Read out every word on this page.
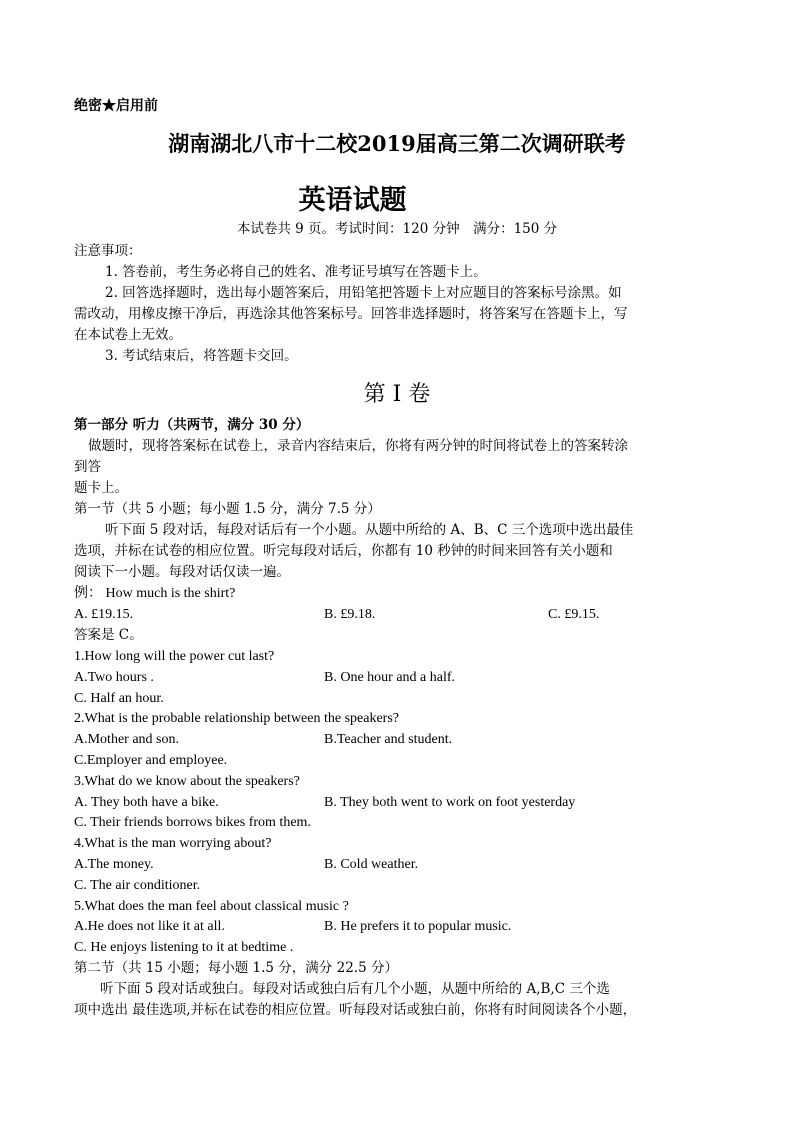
绝密★启用前
湖南湖北八市十二校2019届高三第二次调研联考
英语试题
本试卷共 9 页。考试时间：120 分钟　满分：150 分
注意事项：
1. 答卷前，考生务必将自己的姓名、准考证号填写在答题卡上。
2. 回答选择题时，选出每小题答案后，用铅笔把答题卡上对应题目的答案标号涂黑。如
需改动，用橡皮擦干净后，再选涂其他答案标号。回答非选择题时，将答案写在答题卡上，写
在本试卷上无效。
3. 考试结束后，将答题卡交回。
第 Ⅰ 卷
第一部分 听力（共两节，满分 30 分）
做题时，现将答案标在试卷上，录音内容结束后，你将有两分钟的时间将试卷上的答案转涂
到答
题卡上。
第一节（共 5 小题；每小题 1.5 分，满分 7.5 分）
听下面 5 段对话，每段对话后有一个小题。从题中所给的 A、B、C 三个选项中选出最佳
选项，并标在试卷的相应位置。听完每段对话后，你都有 10 秒钟的时间来回答有关小题和
阅读下一小题。每段对话仅读一遍。
例： How much is the shirt?
A. £19.15.	B. £9.18.	C. £9.15.
答案是 C。
1.How long will the power cut last?
A.Two hours .	B. One hour and a half.
C. Half an hour.
2.What is the probable relationship between the speakers?
A.Mother and son.	B.Teacher and student.
C.Employer and employee.
3.What do we know about the speakers?
A. They both have a bike.	B. They both went to work on foot yesterday
C. Their friends borrows bikes from them.
4.What is the man worrying about?
A.The money.	B. Cold weather.
C. The air conditioner.
5.What does the man feel about classical music ?
A.He does not like it at all.	B. He prefers it to popular music.
C. He enjoys listening to it at bedtime .
第二节（共 15 小题；每小题 1.5 分，满分 22.5 分）
听下面 5 段对话或独白。每段对话或独白后有几个小题，从题中所给的 A,B,C 三个选
项中选出 最佳选项,并标在试卷的相应位置。听每段对话或独白前，你将有时间阅读各个小题，
